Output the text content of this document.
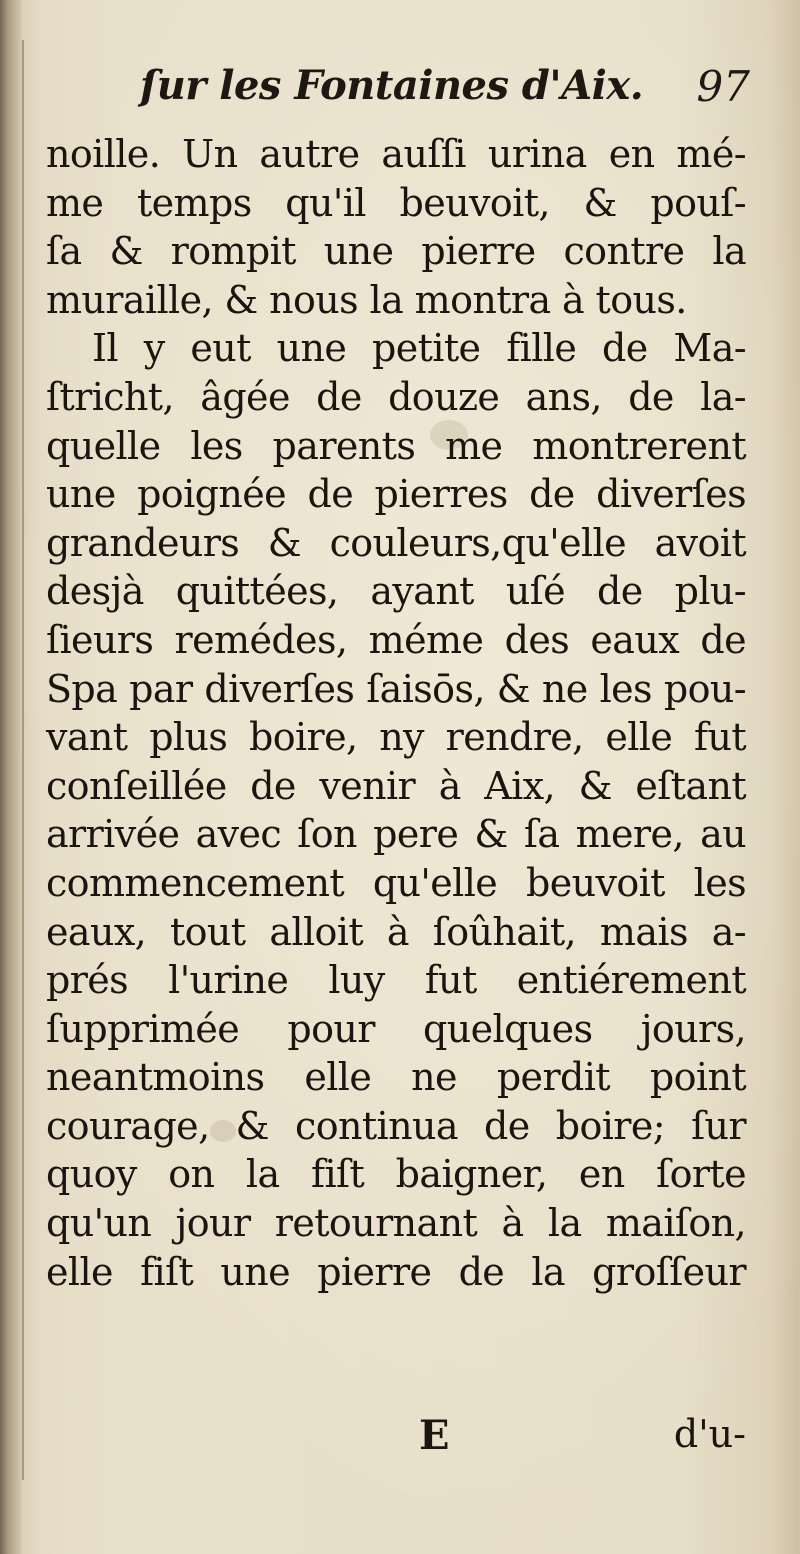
ſur les Fontaines d'Aix. 97
noille. Un autre auſſi urina en mé-
me temps qu'il beuvoit, & pouſ-
ſa & rompit une pierre contre la
muraille, & nous la montra à tous.
Il y eut une petite fille de Ma-
ſtricht, âgée de douze ans, de la-
quelle les parents me montrerent
une poignée de pierres de diverſes
grandeurs & couleurs,qu'elle avoit
desjà quittées, ayant uſé de plu-
ſieurs remédes, méme des eaux de
Spa par diverſes ſaisōs, & ne les pou-
vant plus boire, ny rendre, elle fut
conſeillée de venir à Aix, & eſtant
arrivée avec ſon pere & ſa mere, au
commencement qu'elle beuvoit les
eaux, tout alloit à ſoûhait, mais a-
prés l'urine luy fut entiérement
ſupprimée pour quelques jours,
neantmoins elle ne perdit point
courage, & continua de boire; ſur
quoy on la fiſt baigner, en ſorte
qu'un jour retournant à la maiſon,
elle fiſt une pierre de la groſſeur
E	d'u-
